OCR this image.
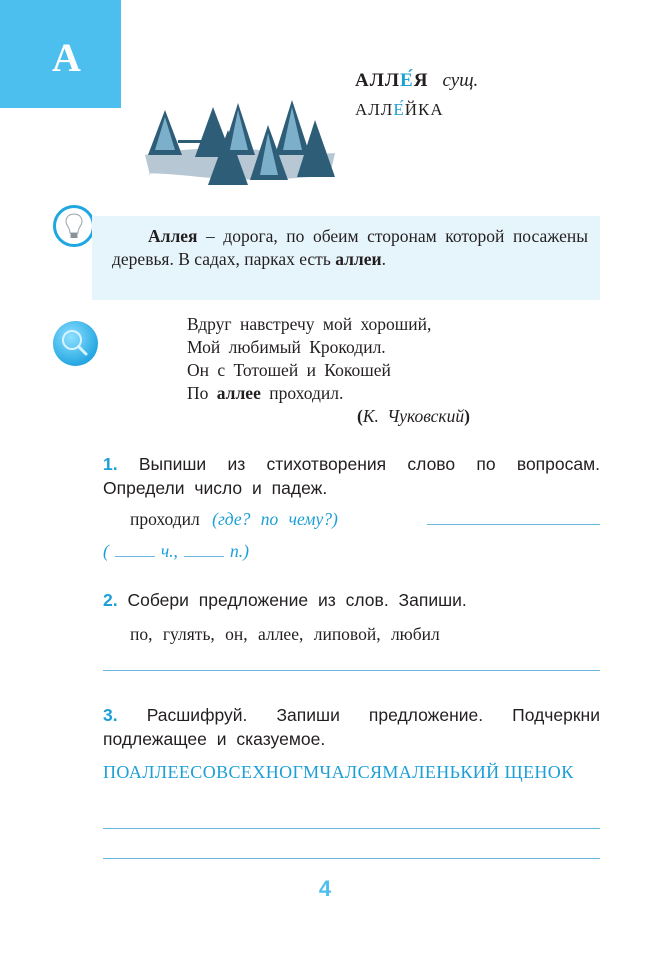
А
АЛЛЕ́Я сущ.
АЛЛЕ́ЙКА
Аллея – дорога, по обеим сторонам которой посажены деревья. В садах, парках есть аллеи.
Вдруг навстречу мой хороший,
Мой любимый Крокодил.
Он с Тотошей и Кокошей
По аллее проходил.
(К. Чуковский)
1. Выпиши из стихотворения слово по вопросам. Определи число и падеж.
проходил (где? по чему?)
(	ч.,	п.)
2. Собери предложение из слов. Запиши.
по, гулять, он, аллее, липовой, любил
3. Расшифруй. Запиши предложение. Подчеркни подлежащее и сказуемое.
ПОАЛЛЕЕСОВСЕХНОГМЧАЛСЯМАЛЕНЬКИЙ ЩЕНОК
4
